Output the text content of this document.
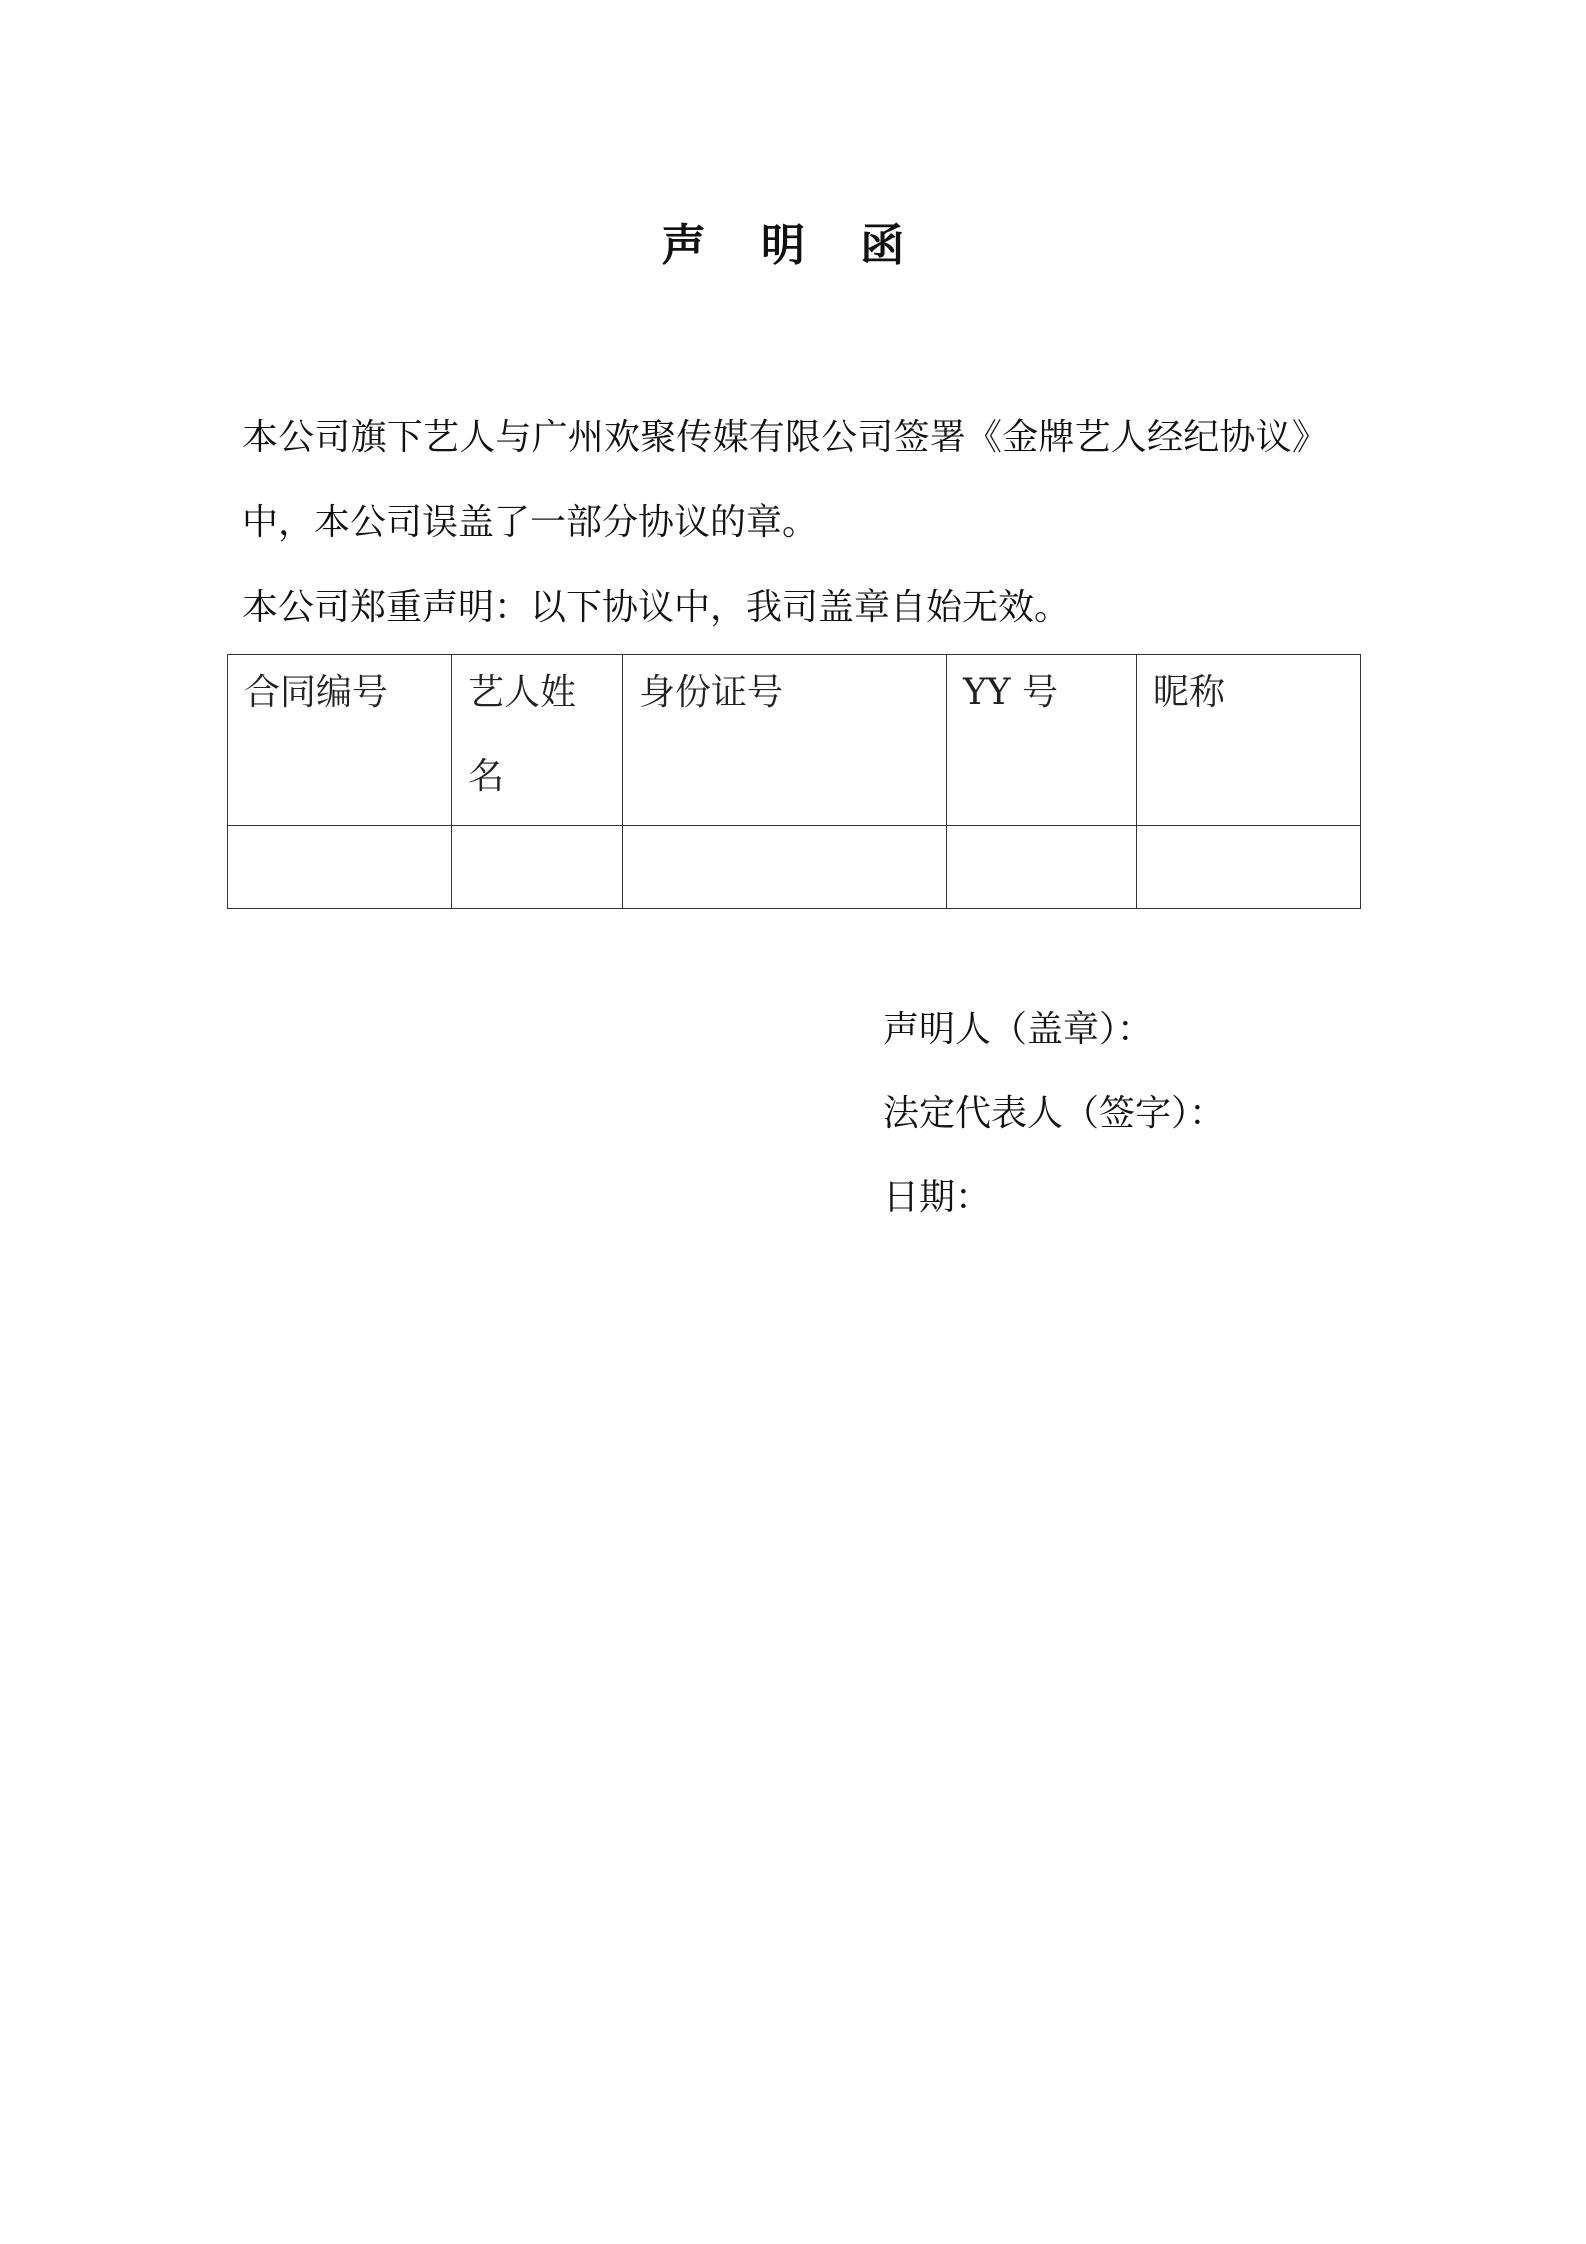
声 明 函
本公司旗下艺人与广州欢聚传媒有限公司签署《金牌艺人经纪协议》
中，本公司误盖了一部分协议的章。
本公司郑重声明：以下协议中，我司盖章自始无效。
合同编号	艺人姓名	身份证号	YY 号	昵称

声明人（盖章）：
法定代表人（签字）：
日期：
